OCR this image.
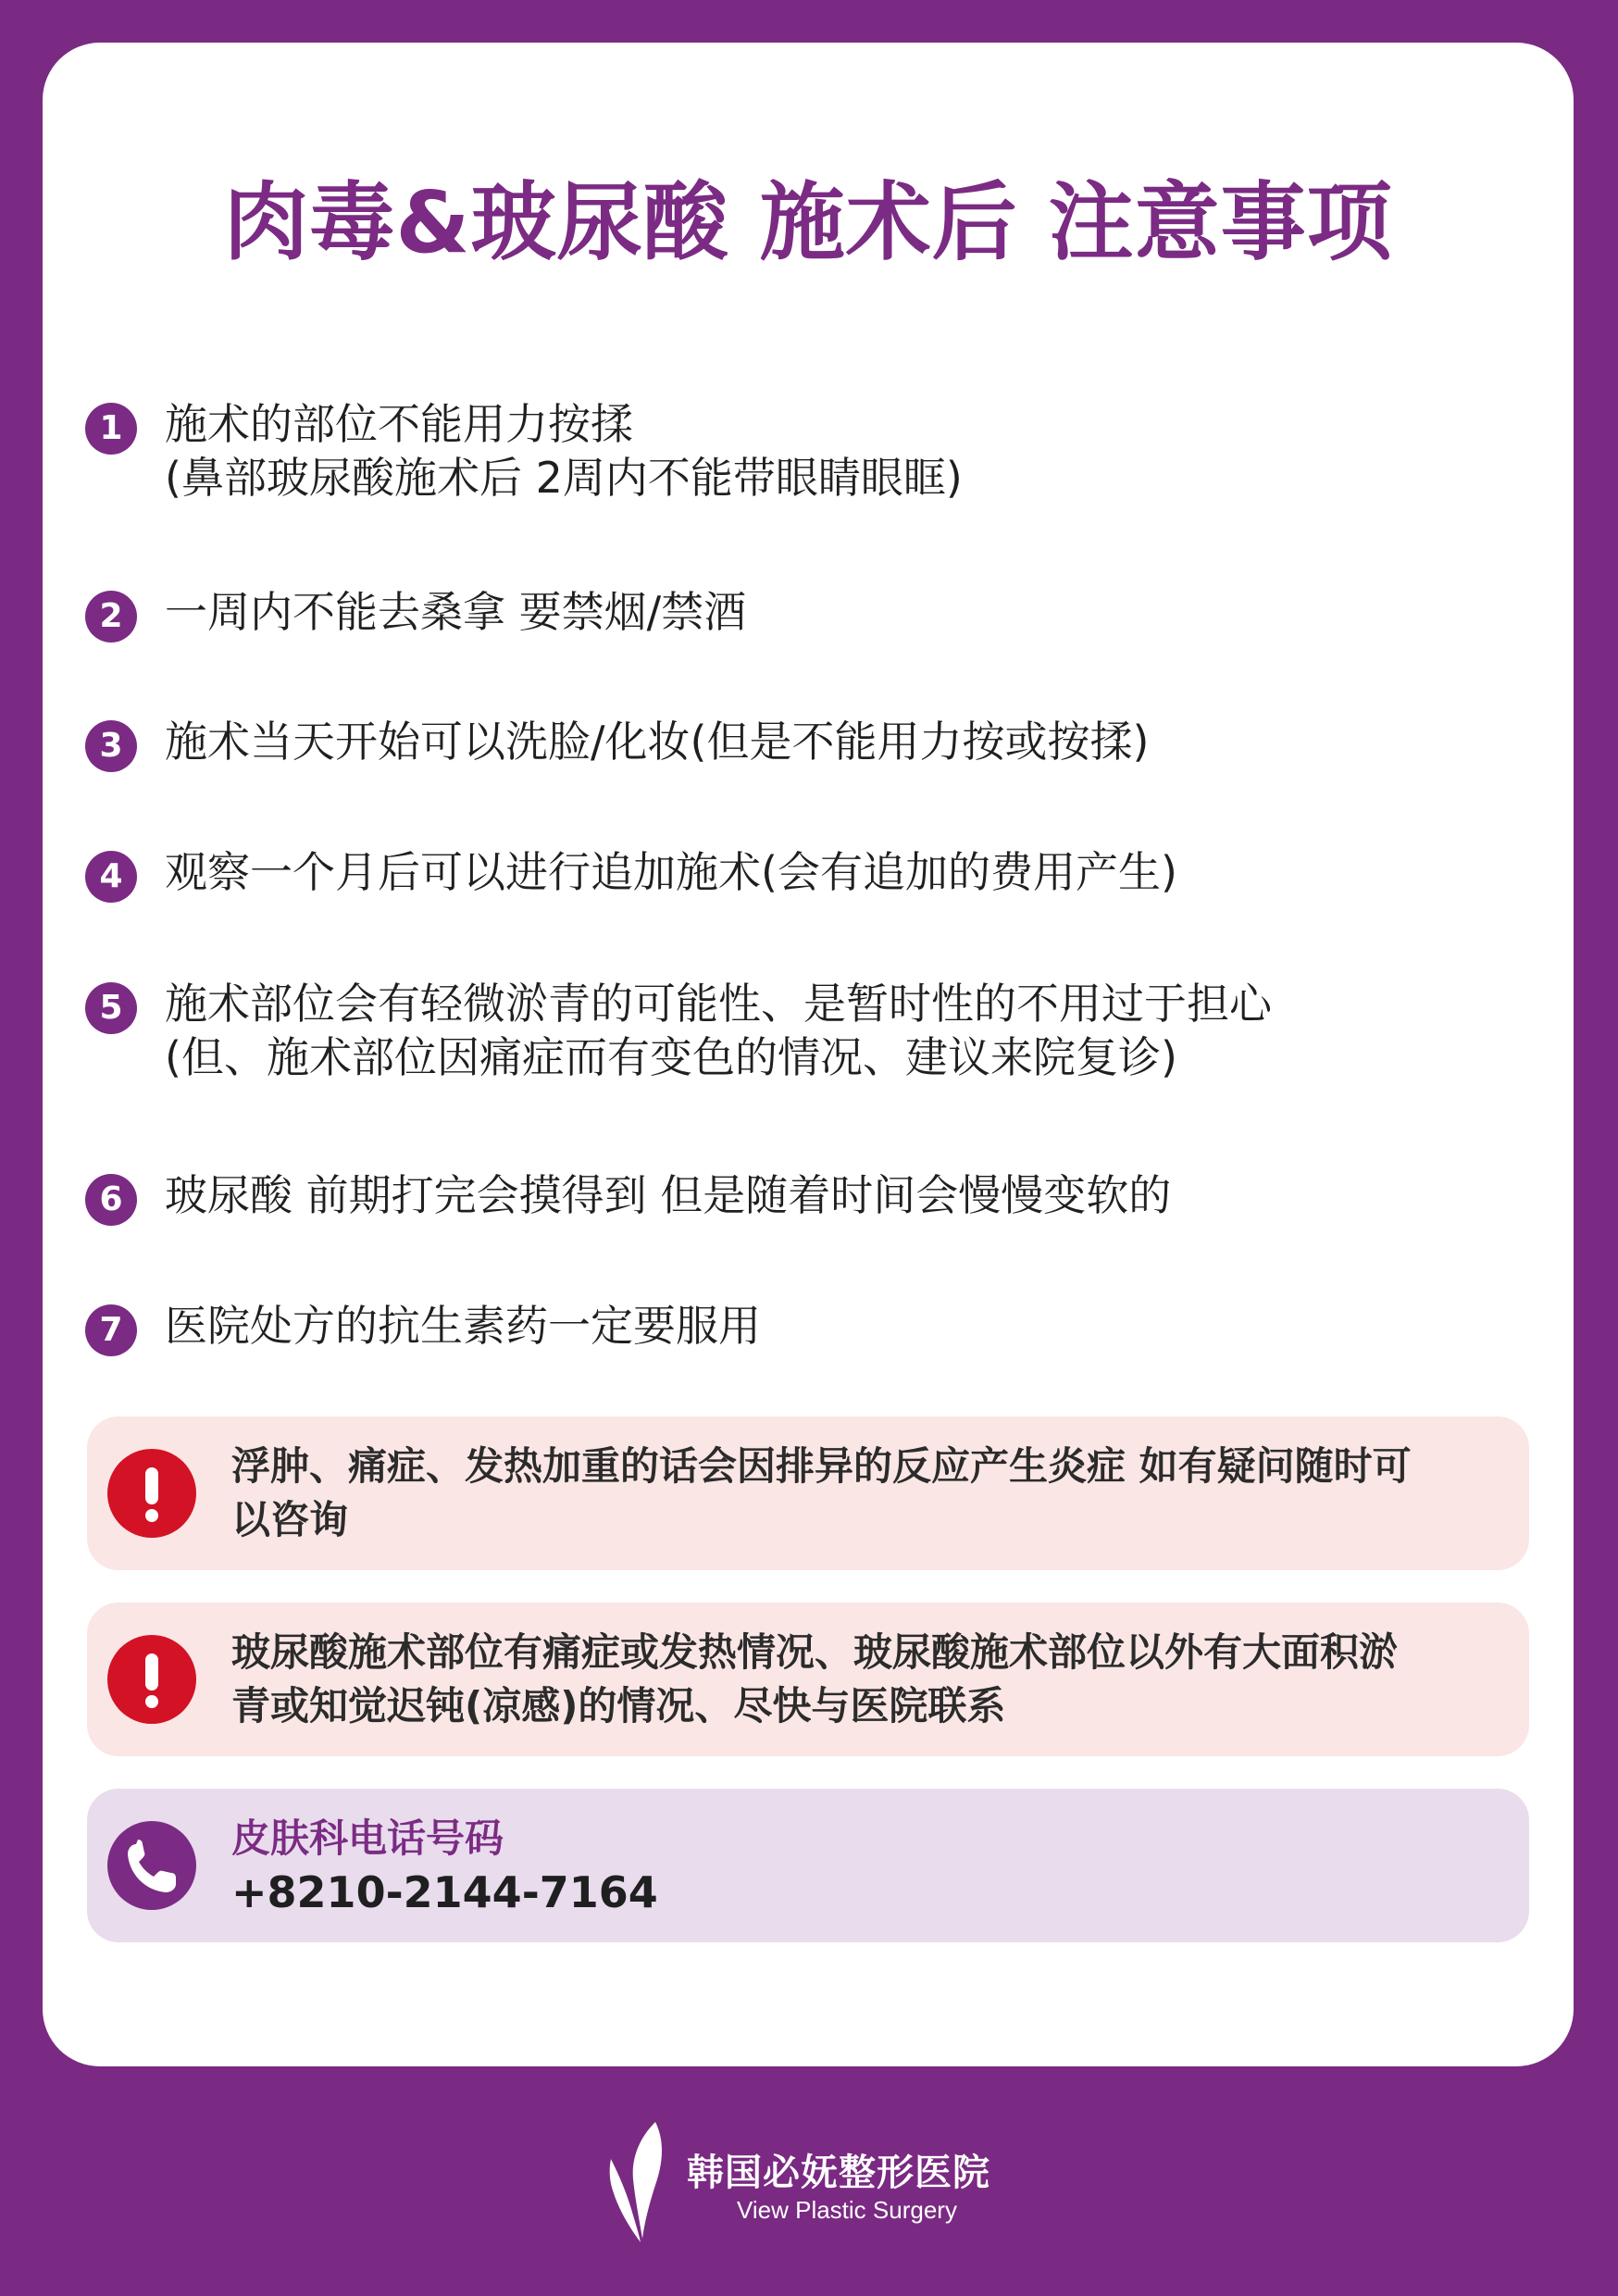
肉毒&玻尿酸 施术后 注意事项
1 施术的部位不能用力按揉
(鼻部玻尿酸施术后 2周内不能带眼睛眼眶)
2 一周内不能去桑拿 要禁烟/禁酒
3 施术当天开始可以洗脸/化妆(但是不能用力按或按揉)
4 观察一个月后可以进行追加施术(会有追加的费用产生)
5 施术部位会有轻微淤青的可能性、是暂时性的不用过于担心
(但、施术部位因痛症而有变色的情况、建议来院复诊)
6 玻尿酸 前期打完会摸得到 但是随着时间会慢慢变软的
7 医院处方的抗生素药一定要服用
浮肿、痛症、发热加重的话会因排异的反应产生炎症 如有疑问随时可
以咨询
玻尿酸施术部位有痛症或发热情况、玻尿酸施术部位以外有大面积淤
青或知觉迟钝(凉感)的情况、尽快与医院联系
皮肤科电话号码
+8210-2144-7164
韩国必妩整形医院
View Plastic Surgery
